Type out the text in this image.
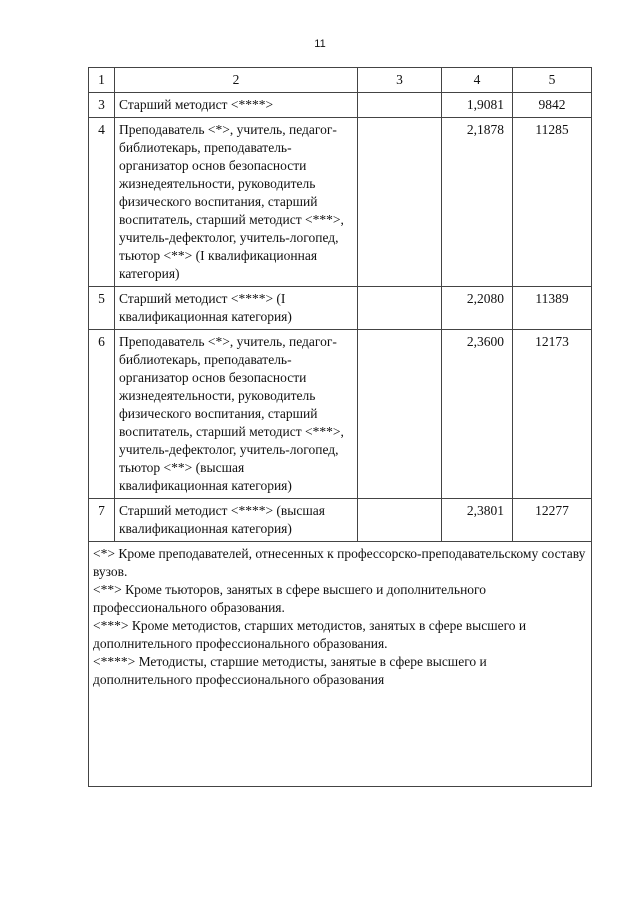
11
1	2	3	4	5
3	Старший методист <****>		1,9081	9842
4	Преподаватель <*>, учитель, педагог-библиотекарь, преподаватель-организатор основ безопасности жизнедеятельности, руководитель физического воспитания, старший воспитатель, старший методист <***>, учитель-дефектолог, учитель-логопед, тьютор <**> (I квалификационная категория)		2,1878	11285
5	Старший методист <****> (I квалификационная категория)		2,2080	11389
6	Преподаватель <*>, учитель, педагог-библиотекарь, преподаватель-организатор основ безопасности жизнедеятельности, руководитель физического воспитания, старший воспитатель, старший методист <***>, учитель-дефектолог, учитель-логопед, тьютор <**> (высшая квалификационная категория)		2,3600	12173
7	Старший методист <****> (высшая квалификационная категория)		2,3801	12277

<*> Кроме преподавателей, отнесенных к профессорско-преподавательскому составу вузов.

<**> Кроме тьюторов, занятых в сфере высшего и дополнительного профессионального образования.

<***> Кроме методистов, старших методистов, занятых в сфере высшего и дополнительного профессионального образования.

<****> Методисты, старшие методисты, занятые в сфере высшего и дополнительного профессионального образования				
